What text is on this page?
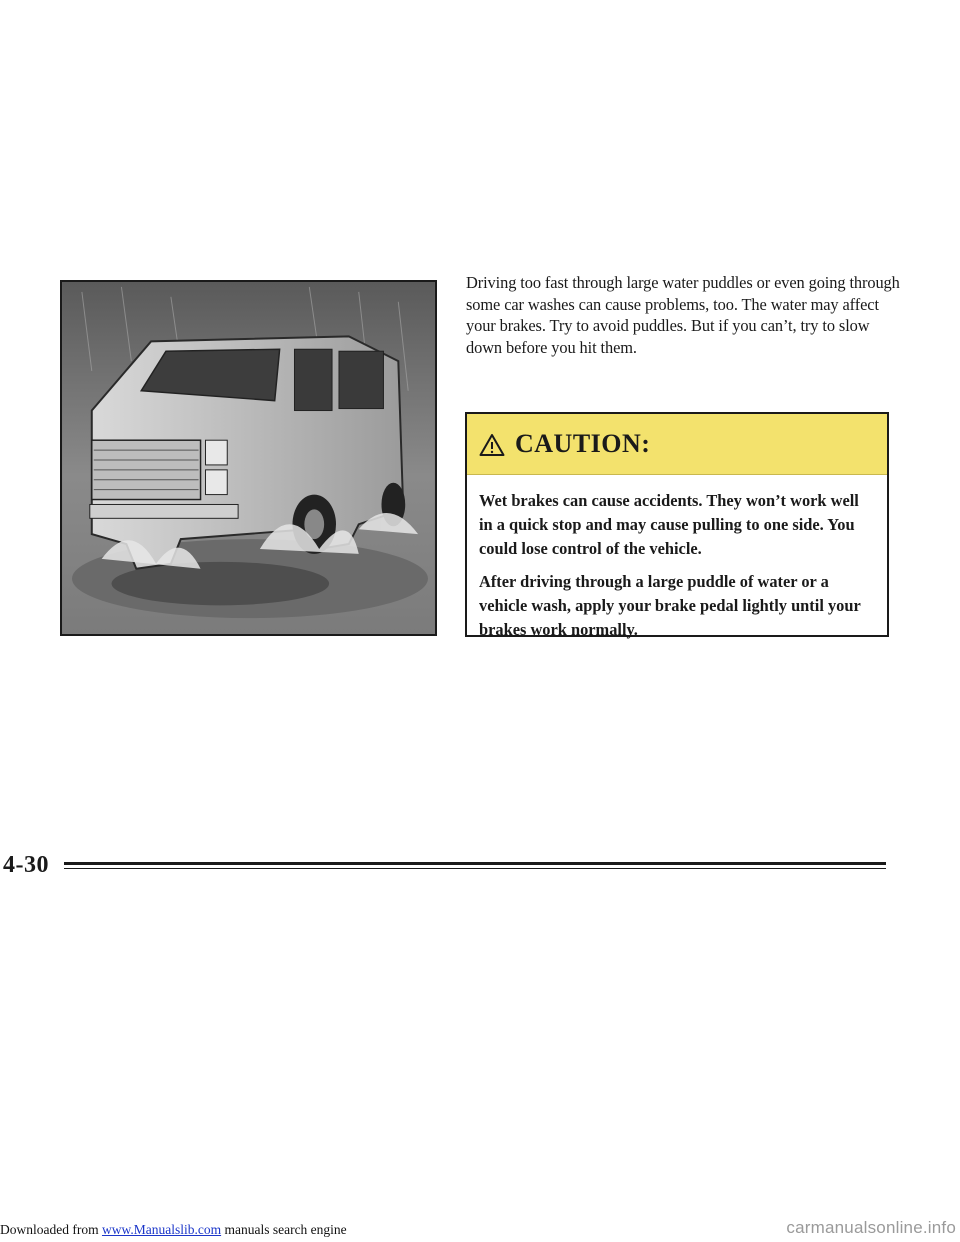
Driving too fast through large water puddles or even going through some car washes can cause problems, too. The water may affect your brakes. Try to avoid puddles. But if you can’t, try to slow down before you hit them.

CAUTION:

Wet brakes can cause accidents. They won’t work well in a quick stop and may cause pulling to one side. You could lose control of the vehicle.

After driving through a large puddle of water or a vehicle wash, apply your brake pedal lightly until your brakes work normally.

4-30
Downloaded from www.Manualslib.com manuals search engine	carmanualsonline.info
